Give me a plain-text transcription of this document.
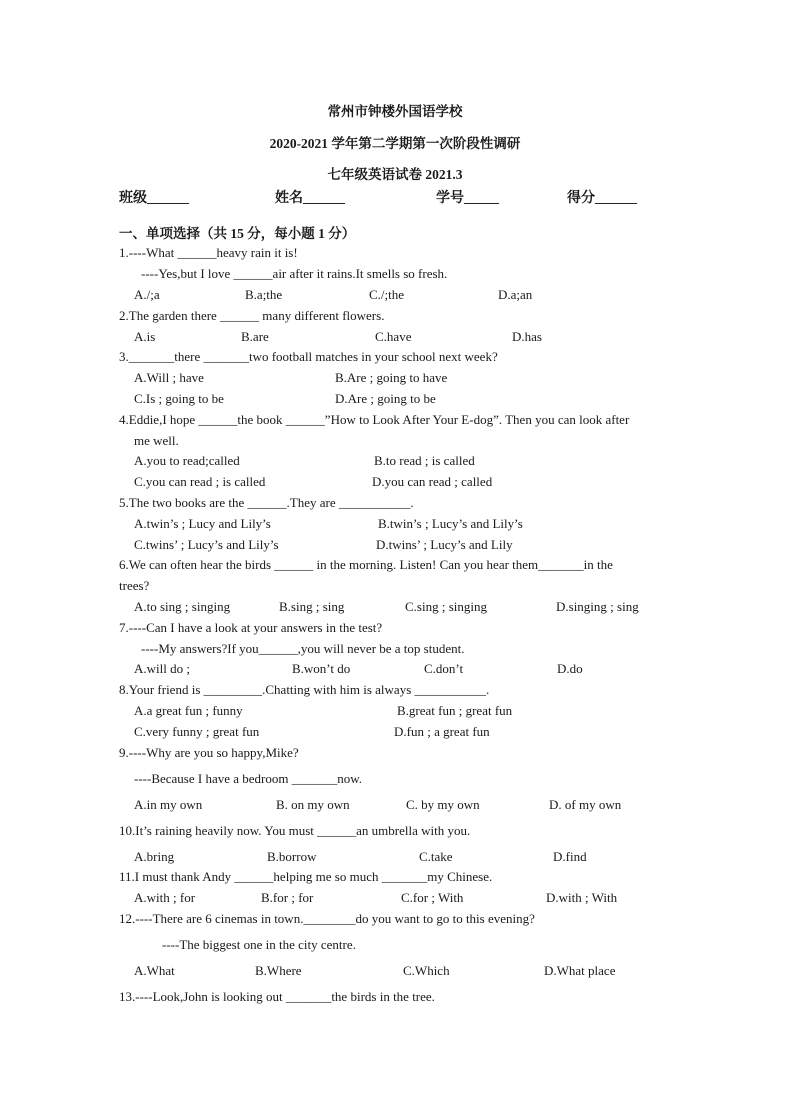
常州市钟楼外国语学校
2020-2021 学年第二学期第一次阶段性调研
七年级英语试卷 2021.3
班级______	姓名______	学号_____	得分______
一、单项选择（共 15 分，每小题 1 分）
1.----What ______heavy rain it is!
----Yes,but I love ______air after it rains.It smells so fresh.
A./;a	B.a;the	C./;the	D.a;an
2.The garden there ______ many different flowers.
A.is	B.are	C.have	D.has
3._______there _______two football matches in your school next week?
A.Will ; have	B.Are ; going to have
C.Is ; going to be	D.Are ; going to be
4.Eddie,I hope ______the book ______”How to Look After Your E-dog”. Then you can look after
me well.
A.you to read;called	B.to read ; is called
C.you can read ; is called	D.you can read ; called
5.The two books are the ______.They are ___________.
A.twin’s ; Lucy and Lily’s	B.twin’s ; Lucy’s and Lily’s
C.twins’ ; Lucy’s and Lily’s	D.twins’ ; Lucy’s and Lily
6.We can often hear the birds ______ in the morning. Listen! Can you hear them_______in the
trees?
A.to sing ; singing	B.sing ; sing	C.sing ; singing	D.singing ; sing
7.----Can I have a look at your answers in the test?
----My answers?If you______,you will never be a top student.
A.will do ;	B.won’t do	C.don’t	D.do
8.Your friend is _________.Chatting with him is always ___________.
A.a great fun ; funny	B.great fun ; great fun
C.very funny ; great fun	D.fun ; a great fun
9.----Why are you so happy,Mike?
----Because I have a bedroom _______now.
A.in my own	B. on my own	C. by my own	D. of my own
10.It’s raining heavily now. You must ______an umbrella with you.
A.bring	B.borrow	C.take	D.find
11.I must thank Andy ______helping me so much _______my Chinese.
A.with ; for	B.for ; for	C.for ; With	D.with ; With
12.----There are 6 cinemas in town.________do you want to go to this evening?
----The biggest one in the city centre.
A.What	B.Where	C.Which	D.What place
13.----Look,John is looking out _______the birds in the tree.
